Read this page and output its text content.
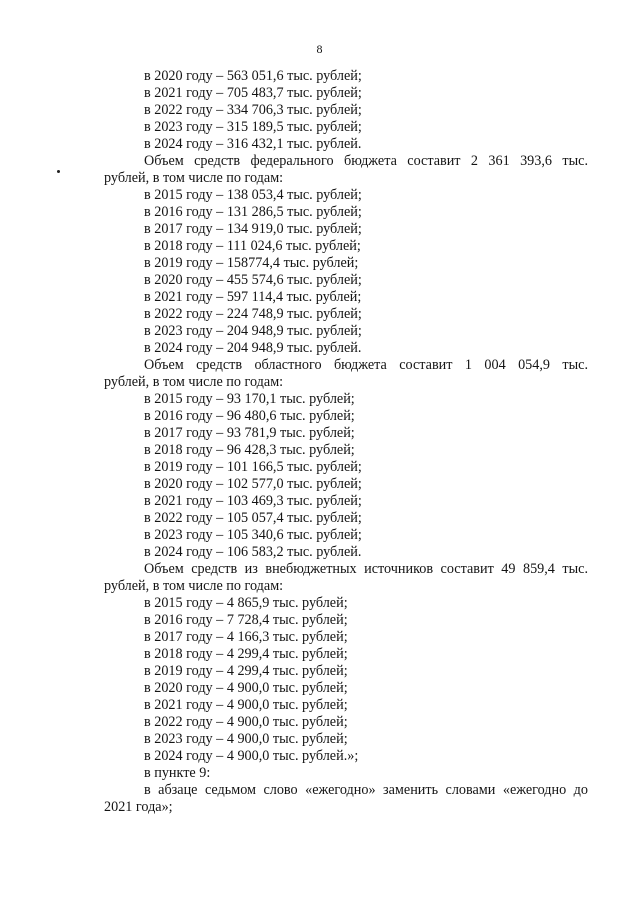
8
в 2020 году – 563 051,6 тыс. рублей;
в 2021 году – 705 483,7 тыс. рублей;
в 2022 году – 334 706,3 тыс. рублей;
в 2023 году – 315 189,5 тыс. рублей;
в 2024 году – 316 432,1 тыс. рублей.
Объем средств федерального бюджета составит 2 361 393,6 тыс.
рублей, в том числе по годам:
в 2015 году – 138 053,4 тыс. рублей;
в 2016 году – 131 286,5 тыс. рублей;
в 2017 году – 134 919,0 тыс. рублей;
в 2018 году – 111 024,6 тыс. рублей;
в 2019 году – 158774,4 тыс. рублей;
в 2020 году – 455 574,6 тыс. рублей;
в 2021 году – 597 114,4 тыс. рублей;
в 2022 году – 224 748,9 тыс. рублей;
в 2023 году – 204 948,9 тыс. рублей;
в 2024 году – 204 948,9 тыс. рублей.
Объем средств областного бюджета составит 1 004 054,9 тыс.
рублей, в том числе по годам:
в 2015 году – 93 170,1 тыс. рублей;
в 2016 году – 96 480,6 тыс. рублей;
в 2017 году – 93 781,9 тыс. рублей;
в 2018 году – 96 428,3 тыс. рублей;
в 2019 году – 101 166,5 тыс. рублей;
в 2020 году – 102 577,0 тыс. рублей;
в 2021 году – 103 469,3 тыс. рублей;
в 2022 году – 105 057,4 тыс. рублей;
в 2023 году – 105 340,6 тыс. рублей;
в 2024 году – 106 583,2 тыс. рублей.
Объем средств из внебюджетных источников составит 49 859,4 тыс.
рублей, в том числе по годам:
в 2015 году – 4 865,9 тыс. рублей;
в 2016 году – 7 728,4 тыс. рублей;
в 2017 году – 4 166,3 тыс. рублей;
в 2018 году – 4 299,4 тыс. рублей;
в 2019 году – 4 299,4 тыс. рублей;
в 2020 году – 4 900,0 тыс. рублей;
в 2021 году – 4 900,0 тыс. рублей;
в 2022 году – 4 900,0 тыс. рублей;
в 2023 году – 4 900,0 тыс. рублей;
в 2024 году – 4 900,0 тыс. рублей.»;
в пункте 9:
в абзаце седьмом слово «ежегодно» заменить словами «ежегодно до
2021 года»;
